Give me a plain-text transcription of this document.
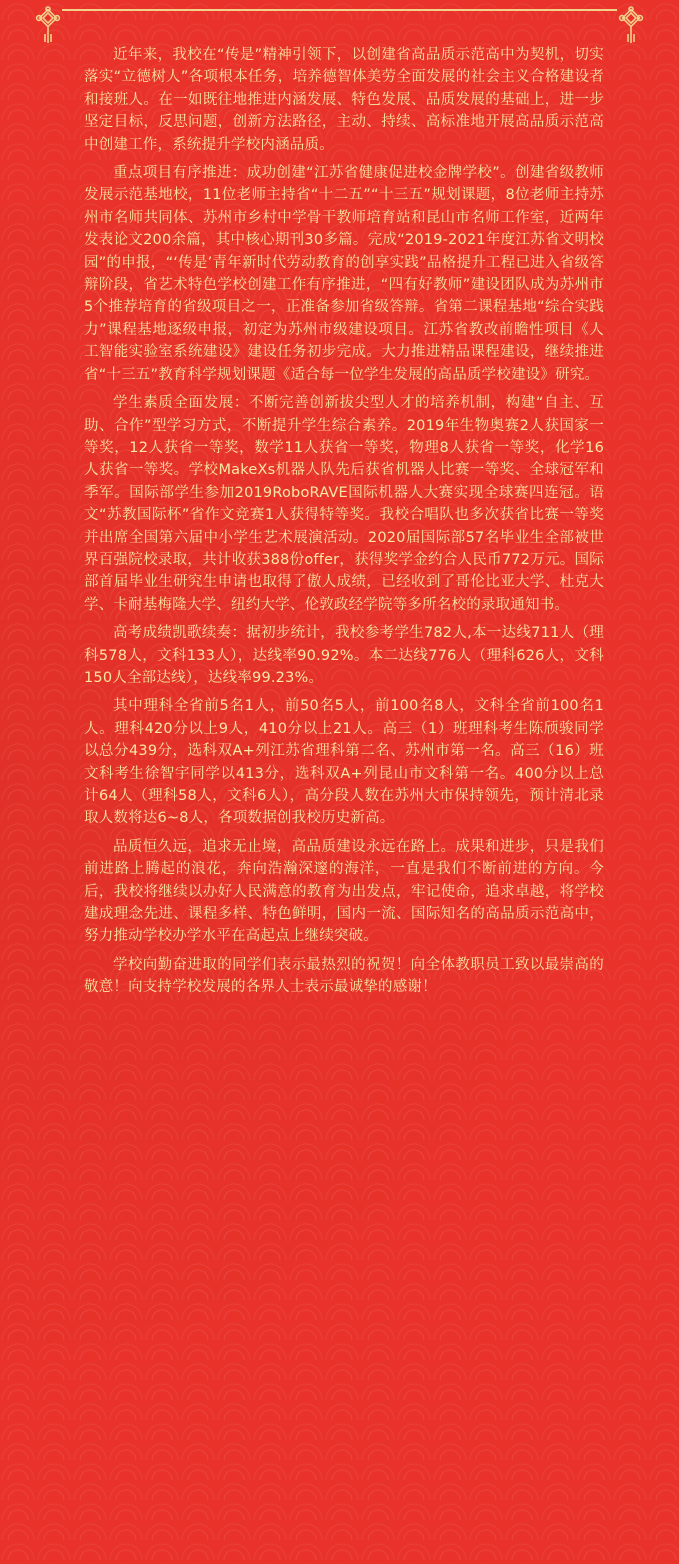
近年来，我校在“传是”精神引领下，以创建省高品质示范高中为契机，切实落实“立德树人”各项根本任务，培养德智体美劳全面发展的社会主义合格建设者和接班人。在一如既往地推进内涵发展、特色发展、品质发展的基础上，进一步坚定目标，反思问题，创新方法路径，主动、持续、高标准地开展高品质示范高中创建工作，系统提升学校内涵品质。

重点项目有序推进：成功创建“江苏省健康促进校金牌学校”。创建省级教师发展示范基地校，11位老师主持省“十二五”“十三五”规划课题，8位老师主持苏州市名师共同体、苏州市乡村中学骨干教师培育站和昆山市名师工作室，近两年发表论文200余篇，其中核心期刊30多篇。完成“2019-2021年度江苏省文明校园”的申报，“‘传是’青年新时代劳动教育的创享实践”品格提升工程已进入省级答辩阶段，省艺术特色学校创建工作有序推进，“四有好教师”建设团队成为苏州市5个推荐培育的省级项目之一，正准备参加省级答辩。省第二课程基地“综合实践力”课程基地逐级申报，初定为苏州市级建设项目。江苏省教改前瞻性项目《人工智能实验室系统建设》建设任务初步完成。大力推进精品课程建设，继续推进省“十三五”教育科学规划课题《适合每一位学生发展的高品质学校建设》研究。

学生素质全面发展：不断完善创新拔尖型人才的培养机制，构建“自主、互助、合作”型学习方式，不断提升学生综合素养。2019年生物奥赛2人获国家一等奖，12人获省一等奖，数学11人获省一等奖，物理8人获省一等奖，化学16人获省一等奖。学校MakeXs机器人队先后获省机器人比赛一等奖、全球冠军和季军。国际部学生参加2019RoboRAVE国际机器人大赛实现全球赛四连冠。语文“苏教国际杯”省作文竞赛1人获得特等奖。我校合唱队也多次获省比赛一等奖并出席全国第六届中小学生艺术展演活动。2020届国际部57名毕业生全部被世界百强院校录取，共计收获388份offer，获得奖学金约合人民币772万元。国际部首届毕业生研究生申请也取得了傲人成绩，已经收到了哥伦比亚大学、杜克大学、卡耐基梅隆大学、纽约大学、伦敦政经学院等多所名校的录取通知书。

高考成绩凯歌续奏：据初步统计，我校参考学生782人,本一达线711人（理科578人，文科133人），达线率90.92%。本二达线776人（理科626人，文科150人全部达线），达线率99.23%。

其中理科全省前5名1人，前50名5人，前100名8人，文科全省前100名1人。理科420分以上9人，410分以上21人。高三（1）班理科考生陈颀骏同学以总分439分，选科双A+列江苏省理科第二名、苏州市第一名。高三（16）班文科考生徐智宇同学以413分，选科双A+列昆山市文科第一名。400分以上总计64人（理科58人，文科6人），高分段人数在苏州大市保持领先，预计清北录取人数将达6~8人，各项数据创我校历史新高。

品质恒久远，追求无止境，高品质建设永远在路上。成果和进步，只是我们前进路上腾起的浪花，奔向浩瀚深邃的海洋，一直是我们不断前进的方向。今后，我校将继续以办好人民满意的教育为出发点，牢记使命，追求卓越，将学校建成理念先进、课程多样、特色鲜明，国内一流、国际知名的高品质示范高中，努力推动学校办学水平在高起点上继续突破。

学校向勤奋进取的同学们表示最热烈的祝贺！向全体教职员工致以最崇高的敬意！向支持学校发展的各界人士表示最诚挚的感谢！
